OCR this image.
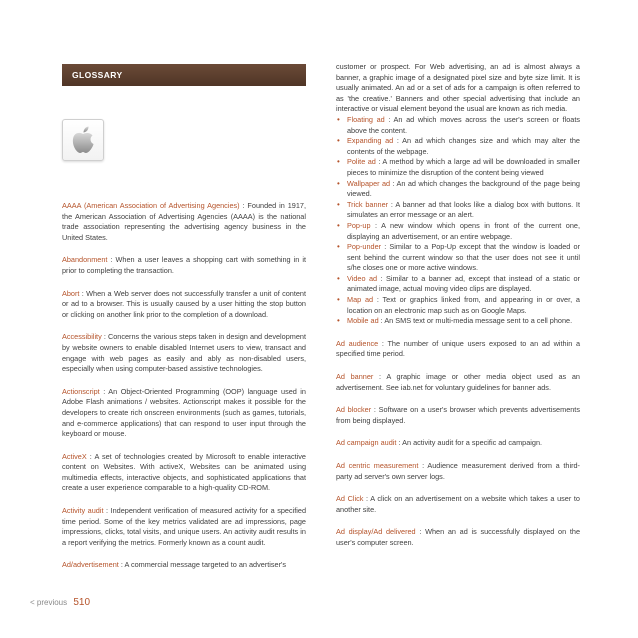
GLOSSARY

AAAA (American Association of Advertising Agencies) : Founded in 1917, the American Association of Advertising Agencies (AAAA) is the national trade association representing the advertising agency business in the United States.

Abandonment : When a user leaves a shopping cart with something in it prior to completing the transaction.

Abort : When a Web server does not successfully transfer a unit of content or ad to a browser. This is usually caused by a user hitting the stop button or clicking on another link prior to the completion of a download.

Accessibility : Concerns the various steps taken in design and development by website owners to enable disabled Internet users to view, transact and engage with web pages as easily and ably as non-disabled users, especially when using computer-based assistive technologies.

Actionscript : An Object-Oriented Programming (OOP) language used in Adobe Flash animations / websites. Actionscript makes it possible for the developers to create rich onscreen environments (such as games, tutorials, and e-commerce applications) that can respond to user input through the keyboard or mouse.

ActiveX : A set of technologies created by Microsoft to enable interactive content on Websites. With activeX, Websites can be animated using multimedia effects, interactive objects, and sophisticated applications that create a user experience comparable to a high-quality CD-ROM.

Activity audit : Independent verification of measured activity for a specified time period. Some of the key metrics validated are ad impressions, page impressions, clicks, total visits, and unique users. An activity audit results in a report verifying the metrics. Formerly known as a count audit.

Ad/advertisement : A commercial message targeted to an advertiser's

customer or prospect. For Web advertising, an ad is almost always a banner, a graphic image of a designated pixel size and byte size limit. It is usually animated. An ad or a set of ads for a campaign is often referred to as 'the creative.' Banners and other special advertising that include an interactive or visual element beyond the usual are known as rich media.

• Floating ad : An ad which moves across the user's screen or floats above the content.
• Expanding ad : An ad which changes size and which may alter the contents of the webpage.
• Polite ad : A method by which a large ad will be downloaded in smaller pieces to minimize the disruption of the content being viewed
• Wallpaper ad : An ad which changes the background of the page being viewed.
• Trick banner : A banner ad that looks like a dialog box with buttons. It simulates an error message or an alert.
• Pop-up : A new window which opens in front of the current one, displaying an advertisement, or an entire webpage.
• Pop-under : Similar to a Pop-Up except that the window is loaded or sent behind the current window so that the user does not see it until s/he closes one or more active windows.
• Video ad : Similar to a banner ad, except that instead of a static or animated image, actual moving video clips are displayed.
• Map ad : Text or graphics linked from, and appearing in or over, a location on an electronic map such as on Google Maps.
• Mobile ad : An SMS text or multi-media message sent to a cell phone.

Ad audience : The number of unique users exposed to an ad within a specified time period.

Ad banner : A graphic image or other media object used as an advertisement. See iab.net for voluntary guidelines for banner ads.

Ad blocker : Software on a user's browser which prevents advertisements from being displayed.

Ad campaign audit : An activity audit for a specific ad campaign.

Ad centric measurement : Audience measurement derived from a third-party ad server's own server logs.

Ad Click : A click on an advertisement on a website which takes a user to another site.

Ad display/Ad delivered : When an ad is successfully displayed on the user's computer screen.

< previous 510
